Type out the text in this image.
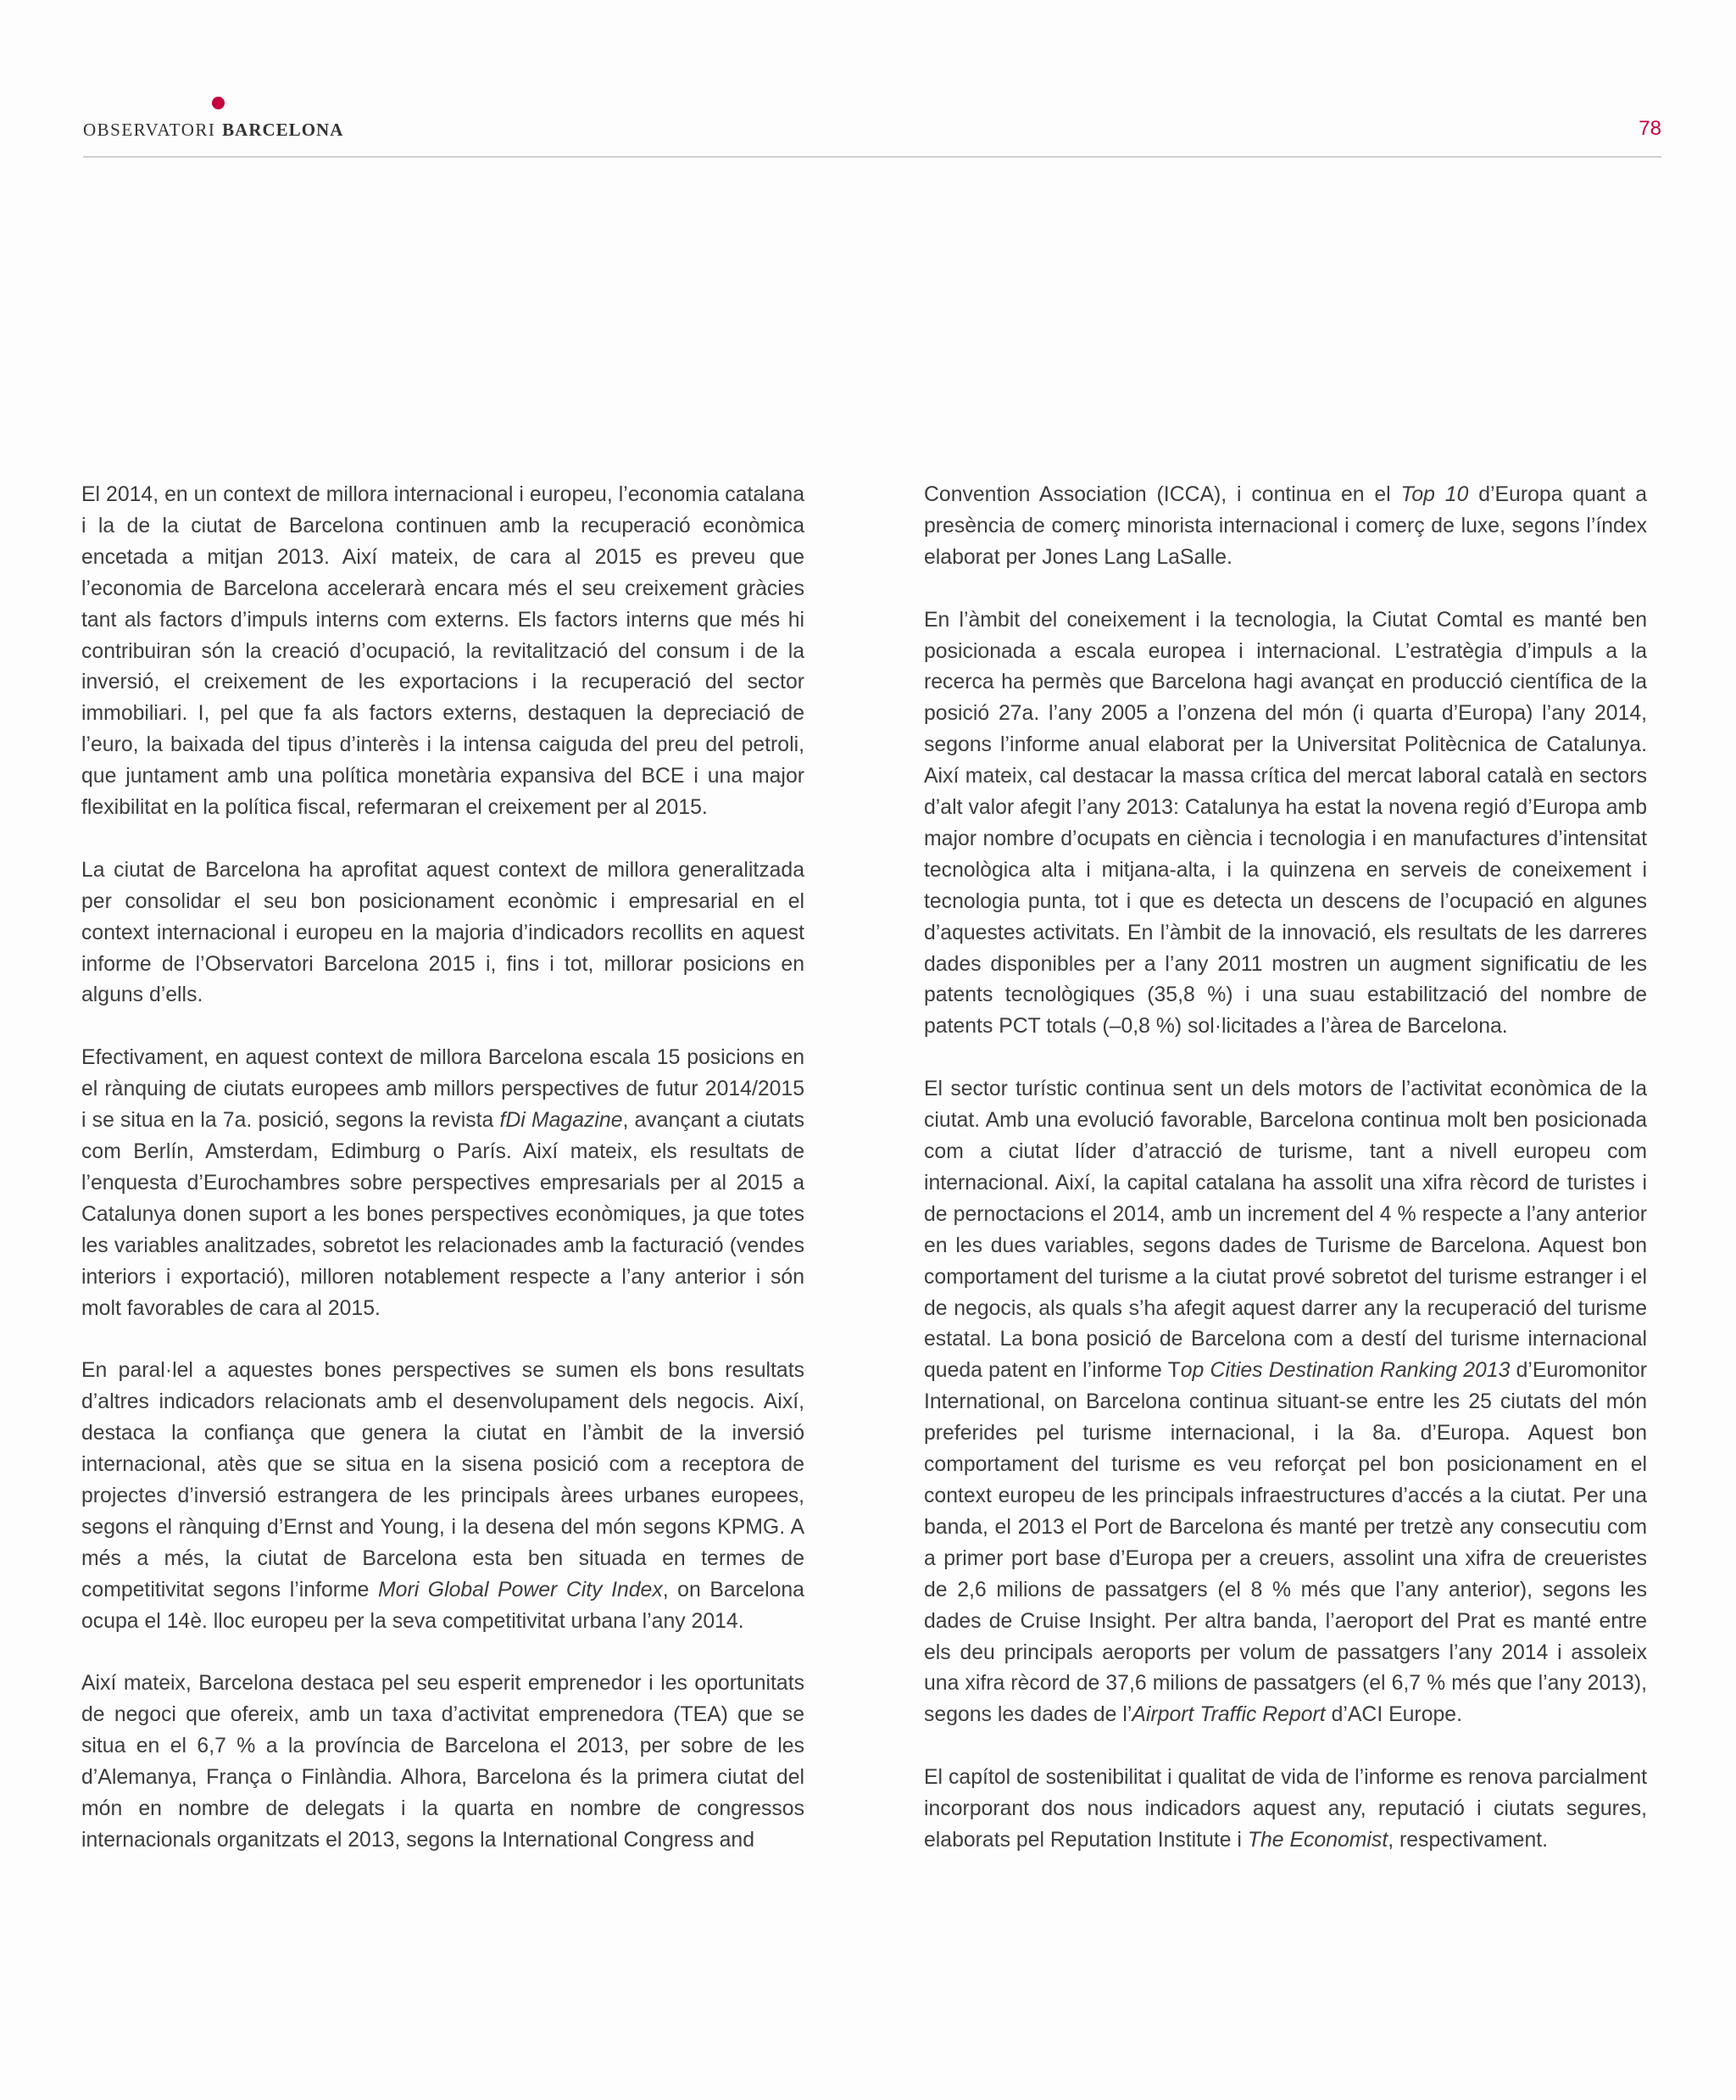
observatori barcelona	78

El 2014, en un context de millora internacional i europeu, l’economia catalana i la de la ciutat de Barcelona continuen amb la recuperació econòmica encetada a mitjan 2013. Així mateix, de cara al 2015 es preveu que l’economia de Barcelona accelerarà encara més el seu creixement gràcies tant als factors d’impuls interns com externs. Els factors interns que més hi contribuiran són la creació d’ocupació, la revitalització del consum i de la inversió, el creixement de les exportacions i la recuperació del sector immobiliari. I, pel que fa als factors externs, destaquen la depreciació de l’euro, la baixada del tipus d’interès i la intensa caiguda del preu del petroli, que juntament amb una política monetària expansiva del BCE i una major flexibilitat en la política fiscal, refermaran el creixement per al 2015.

La ciutat de Barcelona ha aprofitat aquest context de millora generalitzada per consolidar el seu bon posicionament econòmic i empresarial en el context internacional i europeu en la majoria d’indicadors recollits en aquest informe de l’Observatori Barcelona 2015 i, fins i tot, millorar posicions en alguns d’ells.

Efectivament, en aquest context de millora Barcelona escala 15 posicions en el rànquing de ciutats europees amb millors perspectives de futur 2014/2015 i se situa en la 7a. posició, segons la revista fDi Magazine, avançant a ciutats com Berlín, Amsterdam, Edimburg o París. Així mateix, els resultats de l’enquesta d’Eurochambres sobre perspectives empresarials per al 2015 a Catalunya donen suport a les bones perspectives econòmiques, ja que totes les variables analitzades, sobretot les relacionades amb la facturació (vendes interiors i exportació), milloren notablement respecte a l’any anterior i són molt favorables de cara al 2015.

En paral·lel a aquestes bones perspectives se sumen els bons resultats d’altres indicadors relacionats amb el desenvolupament dels negocis. Així, destaca la confiança que genera la ciutat en l’àmbit de la inversió internacional, atès que se situa en la sisena posició com a receptora de projectes d’inversió estrangera de les principals àrees urbanes europees, segons el rànquing d’Ernst and Young, i la desena del món segons KPMG. A més a més, la ciutat de Barcelona esta ben situada en termes de competitivitat segons l’informe Mori Global Power City Index, on Barcelona ocupa el 14è. lloc europeu per la seva competitivitat urbana l’any 2014.

Així mateix, Barcelona destaca pel seu esperit emprenedor i les oportunitats de negoci que ofereix, amb un taxa d’activitat emprenedora (TEA) que se situa en el 6,7 % a la província de Barcelona el 2013, per sobre de les d’Alemanya, França o Finlàndia. Alhora, Barcelona és la primera ciutat del món en nombre de delegats i la quarta en nombre de congressos internacionals organitzats el 2013, segons la International Congress and

Convention Association (ICCA), i continua en el Top 10 d’Europa quant a presència de comerç minorista internacional i comerç de luxe, segons l’índex elaborat per Jones Lang LaSalle.

En l’àmbit del coneixement i la tecnologia, la Ciutat Comtal es manté ben posicionada a escala europea i internacional. L’estratègia d’impuls a la recerca ha permès que Barcelona hagi avançat en producció científica de la posició 27a. l’any 2005 a l’onzena del món (i quarta d’Europa) l’any 2014, segons l’informe anual elaborat per la Universitat Politècnica de Catalunya. Així mateix, cal destacar la massa crítica del mercat laboral català en sectors d’alt valor afegit l’any 2013: Catalunya ha estat la novena regió d’Europa amb major nombre d’ocupats en ciència i tecnologia i en manufactures d’intensitat tecnològica alta i mitjana-alta, i la quinzena en serveis de coneixement i tecnologia punta, tot i que es detecta un descens de l’ocupació en algunes d’aquestes activitats. En l’àmbit de la innovació, els resultats de les darreres dades disponibles per a l’any 2011 mostren un augment significatiu de les patents tecnològiques (35,8 %) i una suau estabilització del nombre de patents PCT totals (–0,8 %) sol·licitades a l’àrea de Barcelona.

El sector turístic continua sent un dels motors de l’activitat econòmica de la ciutat. Amb una evolució favorable, Barcelona continua molt ben posicionada com a ciutat líder d’atracció de turisme, tant a nivell europeu com internacional. Així, la capital catalana ha assolit una xifra rècord de turistes i de pernoctacions el 2014, amb un increment del 4 % respecte a l’any anterior en les dues variables, segons dades de Turisme de Barcelona. Aquest bon comportament del turisme a la ciutat prové sobretot del turisme estranger i el de negocis, als quals s’ha afegit aquest darrer any la recuperació del turisme estatal. La bona posició de Barcelona com a destí del turisme internacional queda patent en l’informe Top Cities Destination Ranking 2013 d’Euromonitor International, on Barcelona continua situant-se entre les 25 ciutats del món preferides pel turisme internacional, i la 8a. d’Europa. Aquest bon comportament del turisme es veu reforçat pel bon posicionament en el context europeu de les principals infraestructures d’accés a la ciutat. Per una banda, el 2013 el Port de Barcelona és manté per tretzè any consecutiu com a primer port base d’Europa per a creuers, assolint una xifra de creueristes de 2,6 milions de passatgers (el 8 % més que l’any anterior), segons les dades de Cruise Insight. Per altra banda, l’aeroport del Prat es manté entre els deu principals aeroports per volum de passatgers l’any 2014 i assoleix una xifra rècord de 37,6 milions de passatgers (el 6,7 % més que l’any 2013), segons les dades de l’Airport Traffic Report d’ACI Europe.

El capítol de sostenibilitat i qualitat de vida de l’informe es renova parcialment incorporant dos nous indicadors aquest any, reputació i ciutats segures, elaborats pel Reputation Institute i The Economist, respectivament.
